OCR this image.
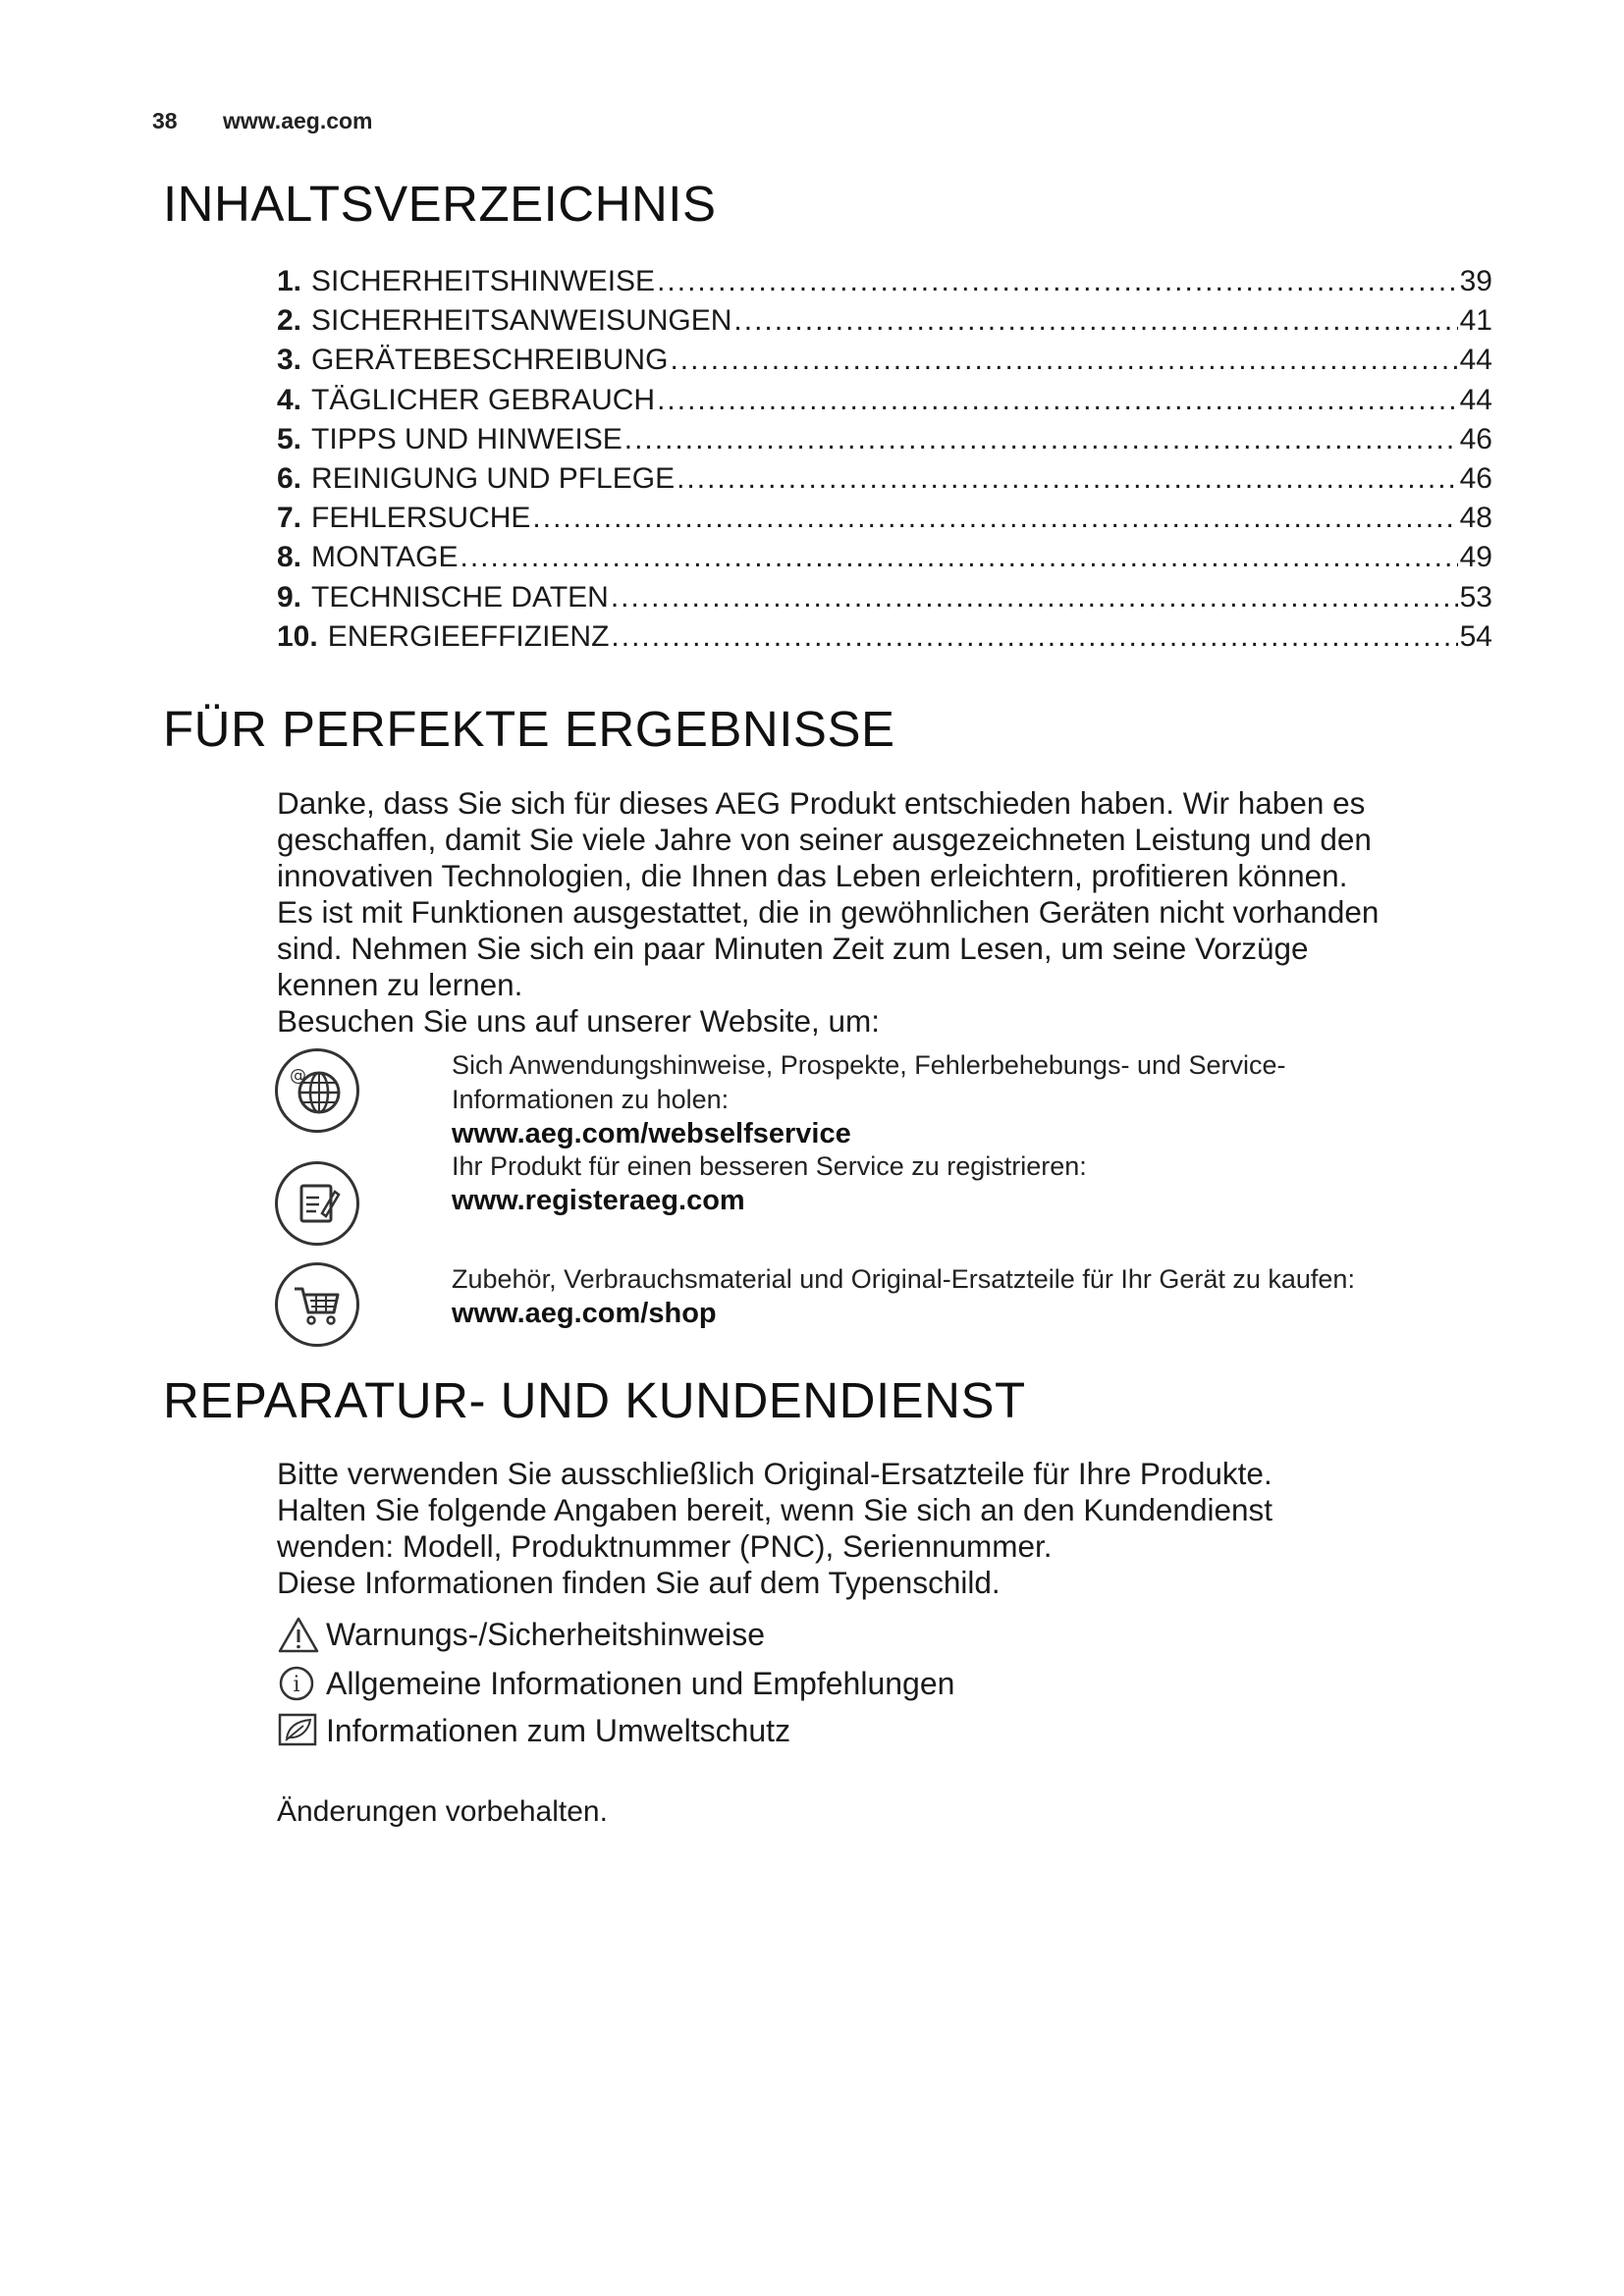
38 www.aeg.com
INHALTSVERZEICHNIS
1. SICHERHEITSHINWEISE .....	39
2. SICHERHEITSANWEISUNGEN .....	41
3. GERÄTEBESCHREIBUNG .....	44
4. TÄGLICHER GEBRAUCH .....	44
5. TIPPS UND HINWEISE .....	46
6. REINIGUNG UND PFLEGE .....	46
7. FEHLERSUCHE .....	48
8. MONTAGE .....	49
9. TECHNISCHE DATEN .....	53
10. ENERGIEEFFIZIENZ .....	54
FÜR PERFEKTE ERGEBNISSE

Danke, dass Sie sich für dieses AEG Produkt entschieden haben. Wir haben es

geschaffen, damit Sie viele Jahre von seiner ausgezeichneten Leistung und den

innovativen Technologien, die Ihnen das Leben erleichtern, profitieren können.

Es ist mit Funktionen ausgestattet, die in gewöhnlichen Geräten nicht vorhanden

sind. Nehmen Sie sich ein paar Minuten Zeit zum Lesen, um seine Vorzüge

kennen zu lernen.

Besuchen Sie uns auf unserer Website, um:

@	Sich Anwendungshinweise, Prospekte, Fehlerbehebungs- und Service-
Informationen zu holen:
www.aeg.com/webselfservice
Ihr Produkt für einen besseren Service zu registrieren:
www.registeraeg.com
Zubehör, Verbrauchsmaterial und Original-Ersatzteile für Ihr Gerät zu kaufen:
www.aeg.com/shop
REPARATUR- UND KUNDENDIENST

Bitte verwenden Sie ausschließlich Original-Ersatzteile für Ihre Produkte.

Halten Sie folgende Angaben bereit, wenn Sie sich an den Kundendienst

wenden: Modell, Produktnummer (PNC), Seriennummer.

Diese Informationen finden Sie auf dem Typenschild.

Warnungs-/Sicherheitshinweise
i Allgemeine Informationen und Empfehlungen
Informationen zum Umweltschutz
Änderungen vorbehalten.
